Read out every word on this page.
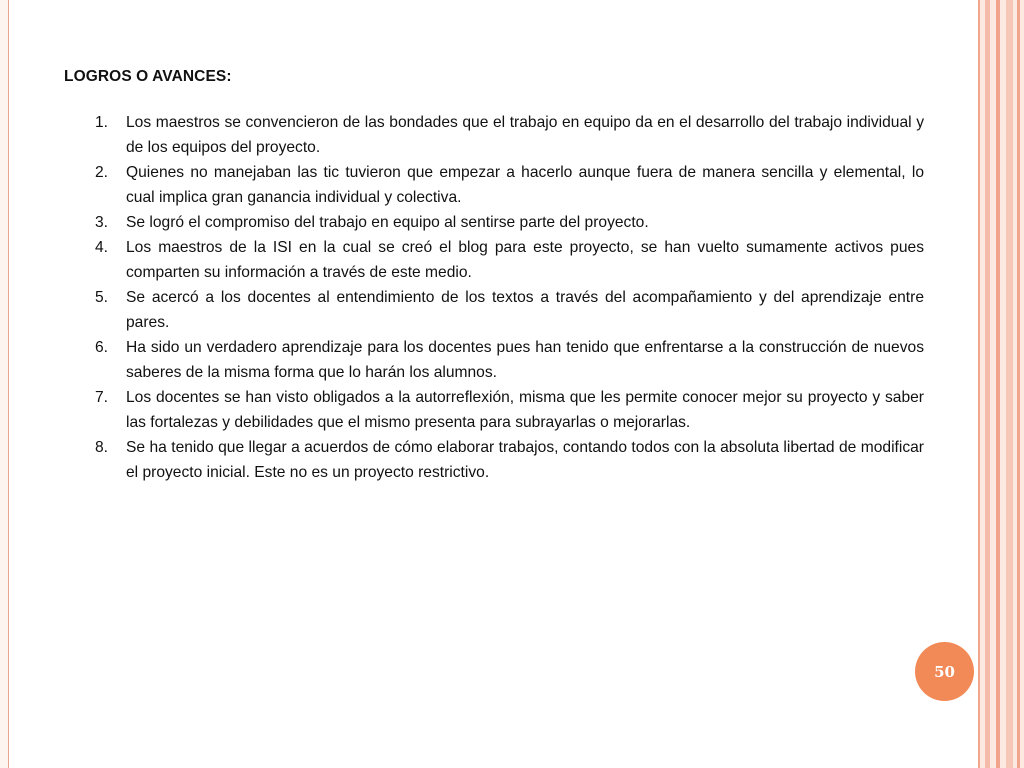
LOGROS O AVANCES:
1. Los maestros se convencieron de las bondades que el trabajo en equipo da en el desarrollo del trabajo individual y de los equipos del proyecto.
2. Quienes no manejaban las tic tuvieron que empezar a hacerlo aunque fuera de manera sencilla y elemental, lo cual implica gran ganancia individual y colectiva.
3. Se logró el compromiso del trabajo en equipo al sentirse parte del proyecto.
4. Los maestros de la ISI en la cual se creó el blog para este proyecto, se han vuelto sumamente activos pues comparten su información a través de este medio.
5. Se acercó a los docentes al entendimiento de los textos a través del acompañamiento y del aprendizaje entre pares.
6. Ha sido un verdadero aprendizaje para los docentes pues han tenido que enfrentarse a la construcción de nuevos saberes de la misma forma que lo harán los alumnos.
7. Los docentes se han visto obligados a la autorreflexión, misma que les permite conocer mejor su proyecto y saber las fortalezas y debilidades que el mismo presenta para subrayarlas o mejorarlas.
8. Se ha tenido que llegar a acuerdos de cómo elaborar trabajos, contando todos con la absoluta libertad de modificar el proyecto inicial. Este no es un proyecto restrictivo.
50
